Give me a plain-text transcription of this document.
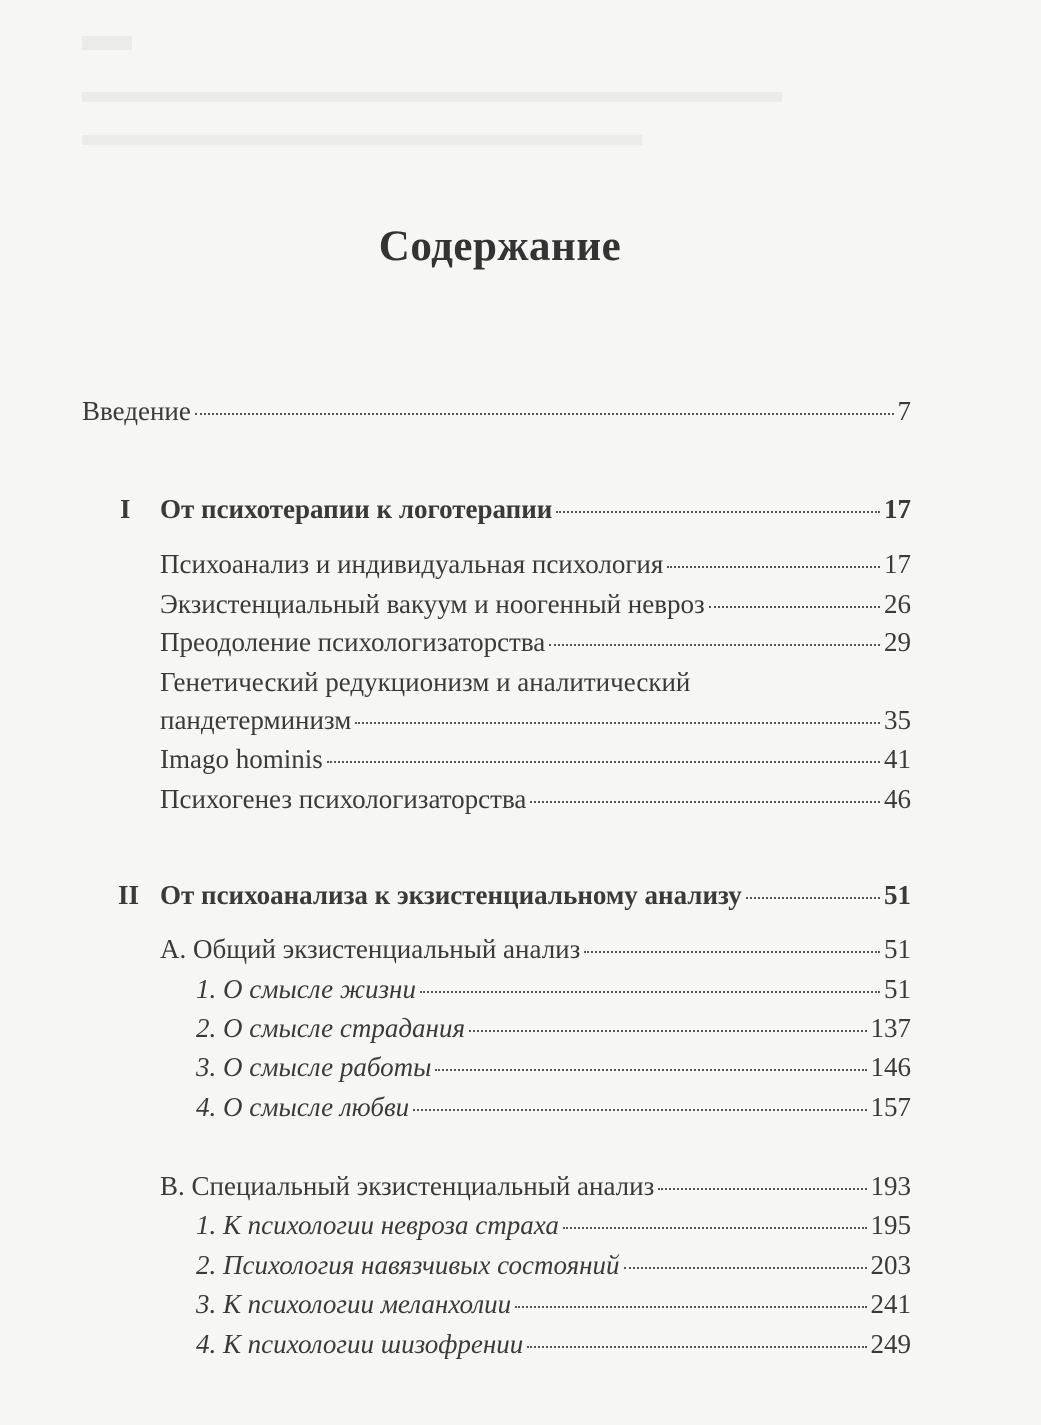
Содержание
Введение	7
I От психотерапии к логотерапии	17
Психоанализ и индивидуальная психология	17
Экзистенциальный вакуум и ноогенный невроз	26
Преодоление психологизаторства	29
Генетический редукционизм и аналитический
пандетерминизм	35
Imago hominis	41
Психогенез психологизаторства	46
II От психоанализа к экзистенциальному анализу	51
A. Общий экзистенциальный анализ	51
1. О смысле жизни	51
2. О смысле страдания	137
3. О смысле работы	146
4. О смысле любви	157
B. Специальный экзистенциальный анализ	193
1. К психологии невроза страха	195
2. Психология навязчивых состояний	203
3. К психологии меланхолии	241
4. К психологии шизофрении	249
